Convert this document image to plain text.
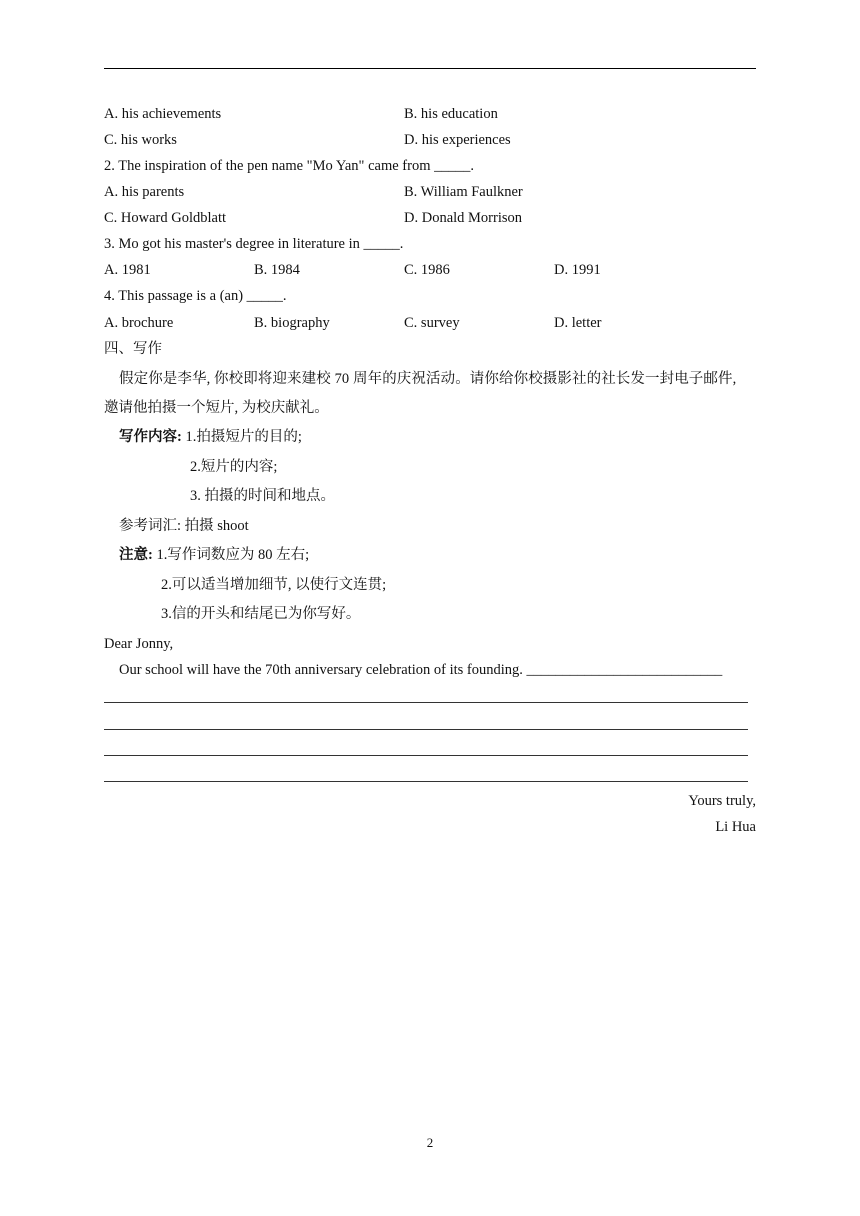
A. his achievements	B. his education
C. his works	D. his experiences
2. The inspiration of the pen name "Mo Yan" came from _____.
A. his parents	B. William Faulkner
C. Howard Goldblatt	D. Donald Morrison
3. Mo got his master's degree in literature in _____.
A. 1981	B. 1984	C. 1986	D. 1991
4. This passage is a (an) _____.
A. brochure	B. biography	C. survey	D. letter
四、写作
假定你是李华, 你校即将迎来建校 70 周年的庆祝活动。请你给你校摄影社的社长发一封电子邮件,
邀请他拍摄一个短片, 为校庆献礼。
写作内容: 1.拍摄短片的目的;
2.短片的内容;
3. 拍摄的时间和地点。
参考词汇: 拍摄 shoot
注意: 1.写作词数应为 80 左右;
2.可以适当增加细节, 以使行文连贯;
3.信的开头和结尾已为你写好。
Dear Jonny,
Our school will have the 70th anniversary celebration of its founding. ___________________________
Yours truly,
Li Hua
2
